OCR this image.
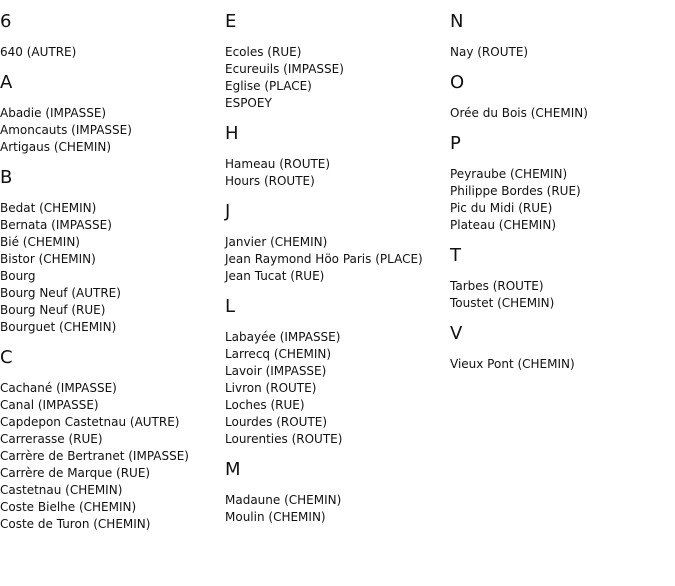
6
640 (AUTRE)
A
Abadie (IMPASSE)
Amoncauts (IMPASSE)
Artigaus (CHEMIN)
B
Bedat (CHEMIN)
Bernata (IMPASSE)
Bié (CHEMIN)
Bistor (CHEMIN)
Bourg
Bourg Neuf (AUTRE)
Bourg Neuf (RUE)
Bourguet (CHEMIN)
C
Cachané (IMPASSE)
Canal (IMPASSE)
Capdepon Castetnau (AUTRE)
Carrerasse (RUE)
Carrère de Bertranet (IMPASSE)
Carrère de Marque (RUE)
Castetnau (CHEMIN)
Coste Bielhe (CHEMIN)
Coste de Turon (CHEMIN)
E
Ecoles (RUE)
Ecureuils (IMPASSE)
Eglise (PLACE)
ESPOEY
H
Hameau (ROUTE)
Hours (ROUTE)
J
Janvier (CHEMIN)
Jean Raymond Höo Paris (PLACE)
Jean Tucat (RUE)
L
Labayée (IMPASSE)
Larrecq (CHEMIN)
Lavoir (IMPASSE)
Livron (ROUTE)
Loches (RUE)
Lourdes (ROUTE)
Lourenties (ROUTE)
M
Madaune (CHEMIN)
Moulin (CHEMIN)
N
Nay (ROUTE)
O
Orée du Bois (CHEMIN)
P
Peyraube (CHEMIN)
Philippe Bordes (RUE)
Pic du Midi (RUE)
Plateau (CHEMIN)
T
Tarbes (ROUTE)
Toustet (CHEMIN)
V
Vieux Pont (CHEMIN)
